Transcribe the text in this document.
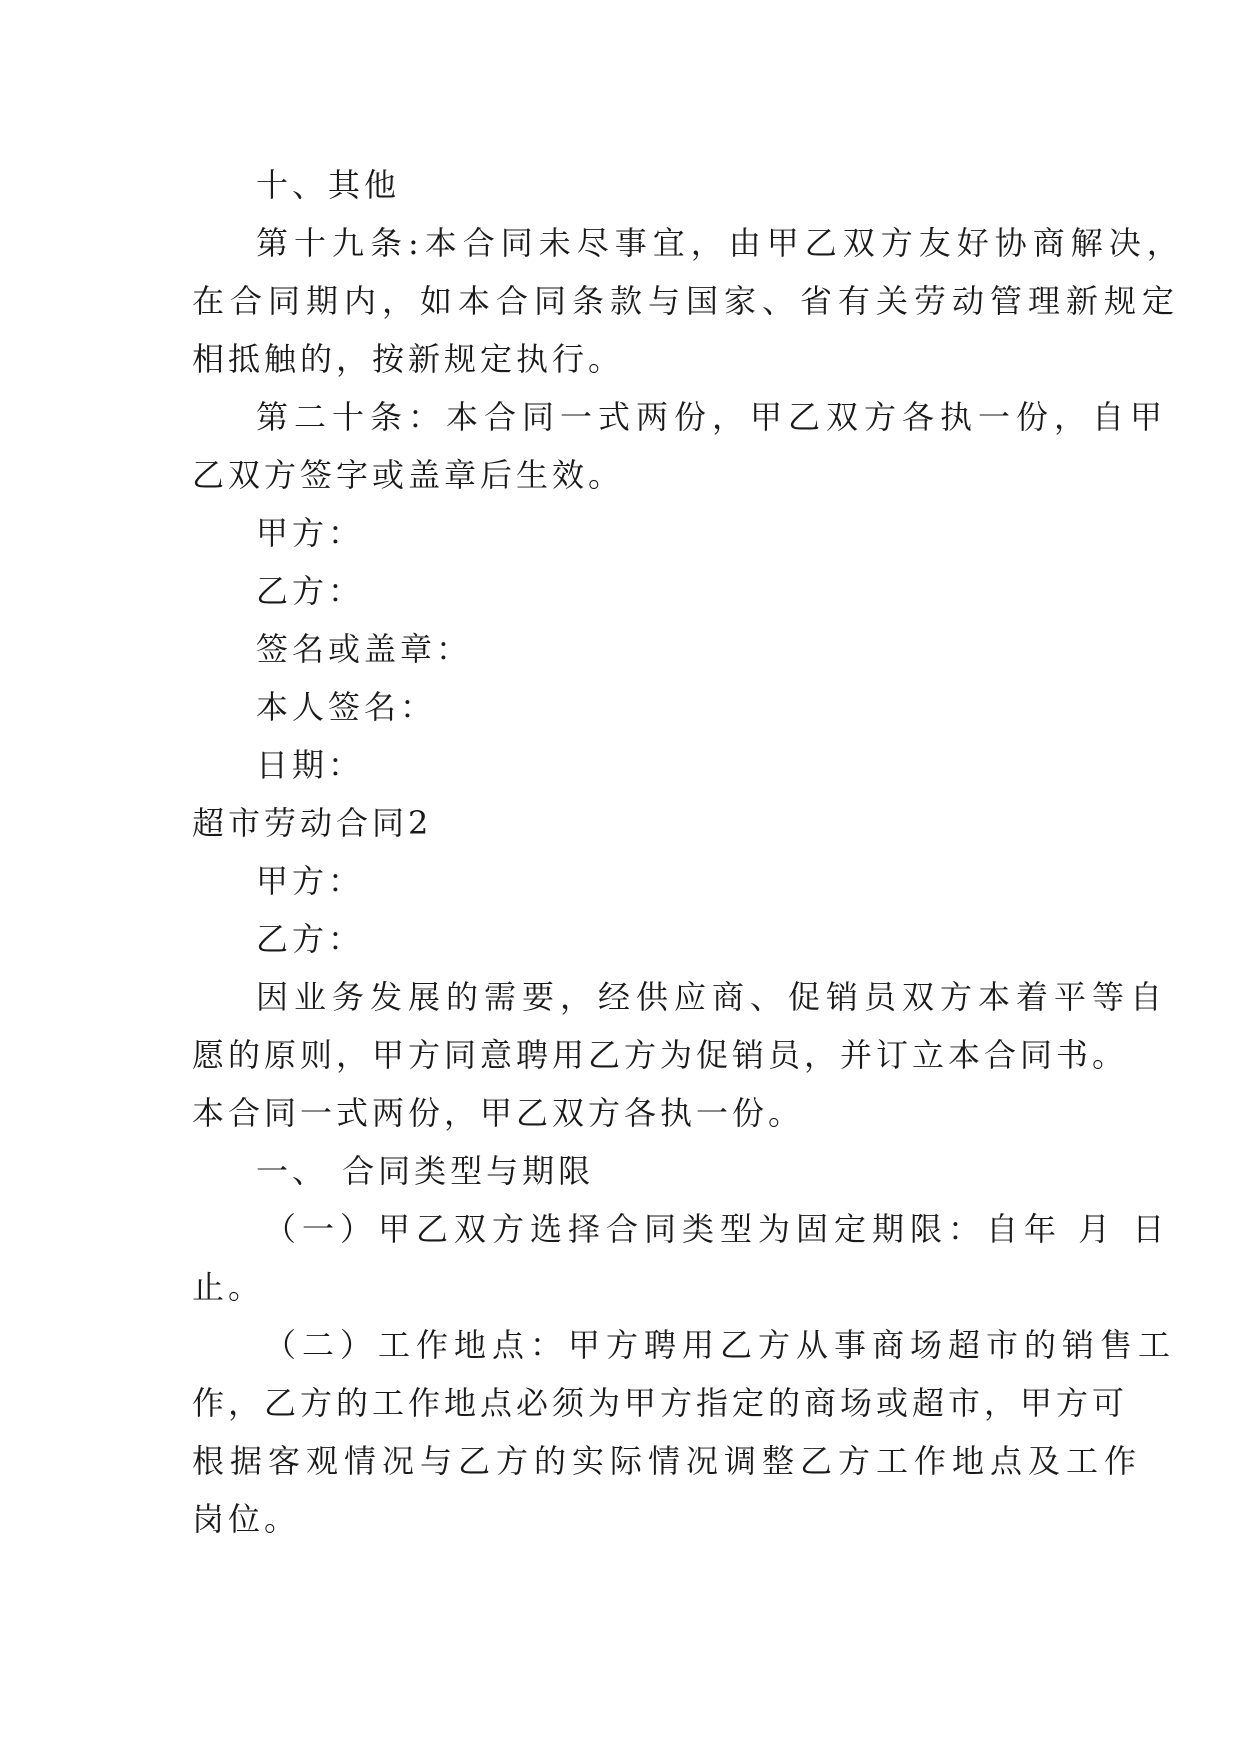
十、其他
第十九条:本合同未尽事宜，由甲乙双方友好协商解决，
在合同期内，如本合同条款与国家、省有关劳动管理新规定
相抵触的，按新规定执行。
第二十条：本合同一式两份，甲乙双方各执一份，自甲
乙双方签字或盖章后生效。
甲方：
乙方：
签名或盖章：
本人签名：
日期：
超市劳动合同2
甲方：
乙方：
因业务发展的需要，经供应商、促销员双方本着平等自
愿的原则，甲方同意聘用乙方为促销员，并订立本合同书。
本合同一式两份，甲乙双方各执一份。
一、 合同类型与期限
（一）甲乙双方选择合同类型为固定期限：自年 月 日
止。
（二）工作地点：甲方聘用乙方从事商场超市的销售工
作，乙方的工作地点必须为甲方指定的商场或超市，甲方可
根据客观情况与乙方的实际情况调整乙方工作地点及工作
岗位。
